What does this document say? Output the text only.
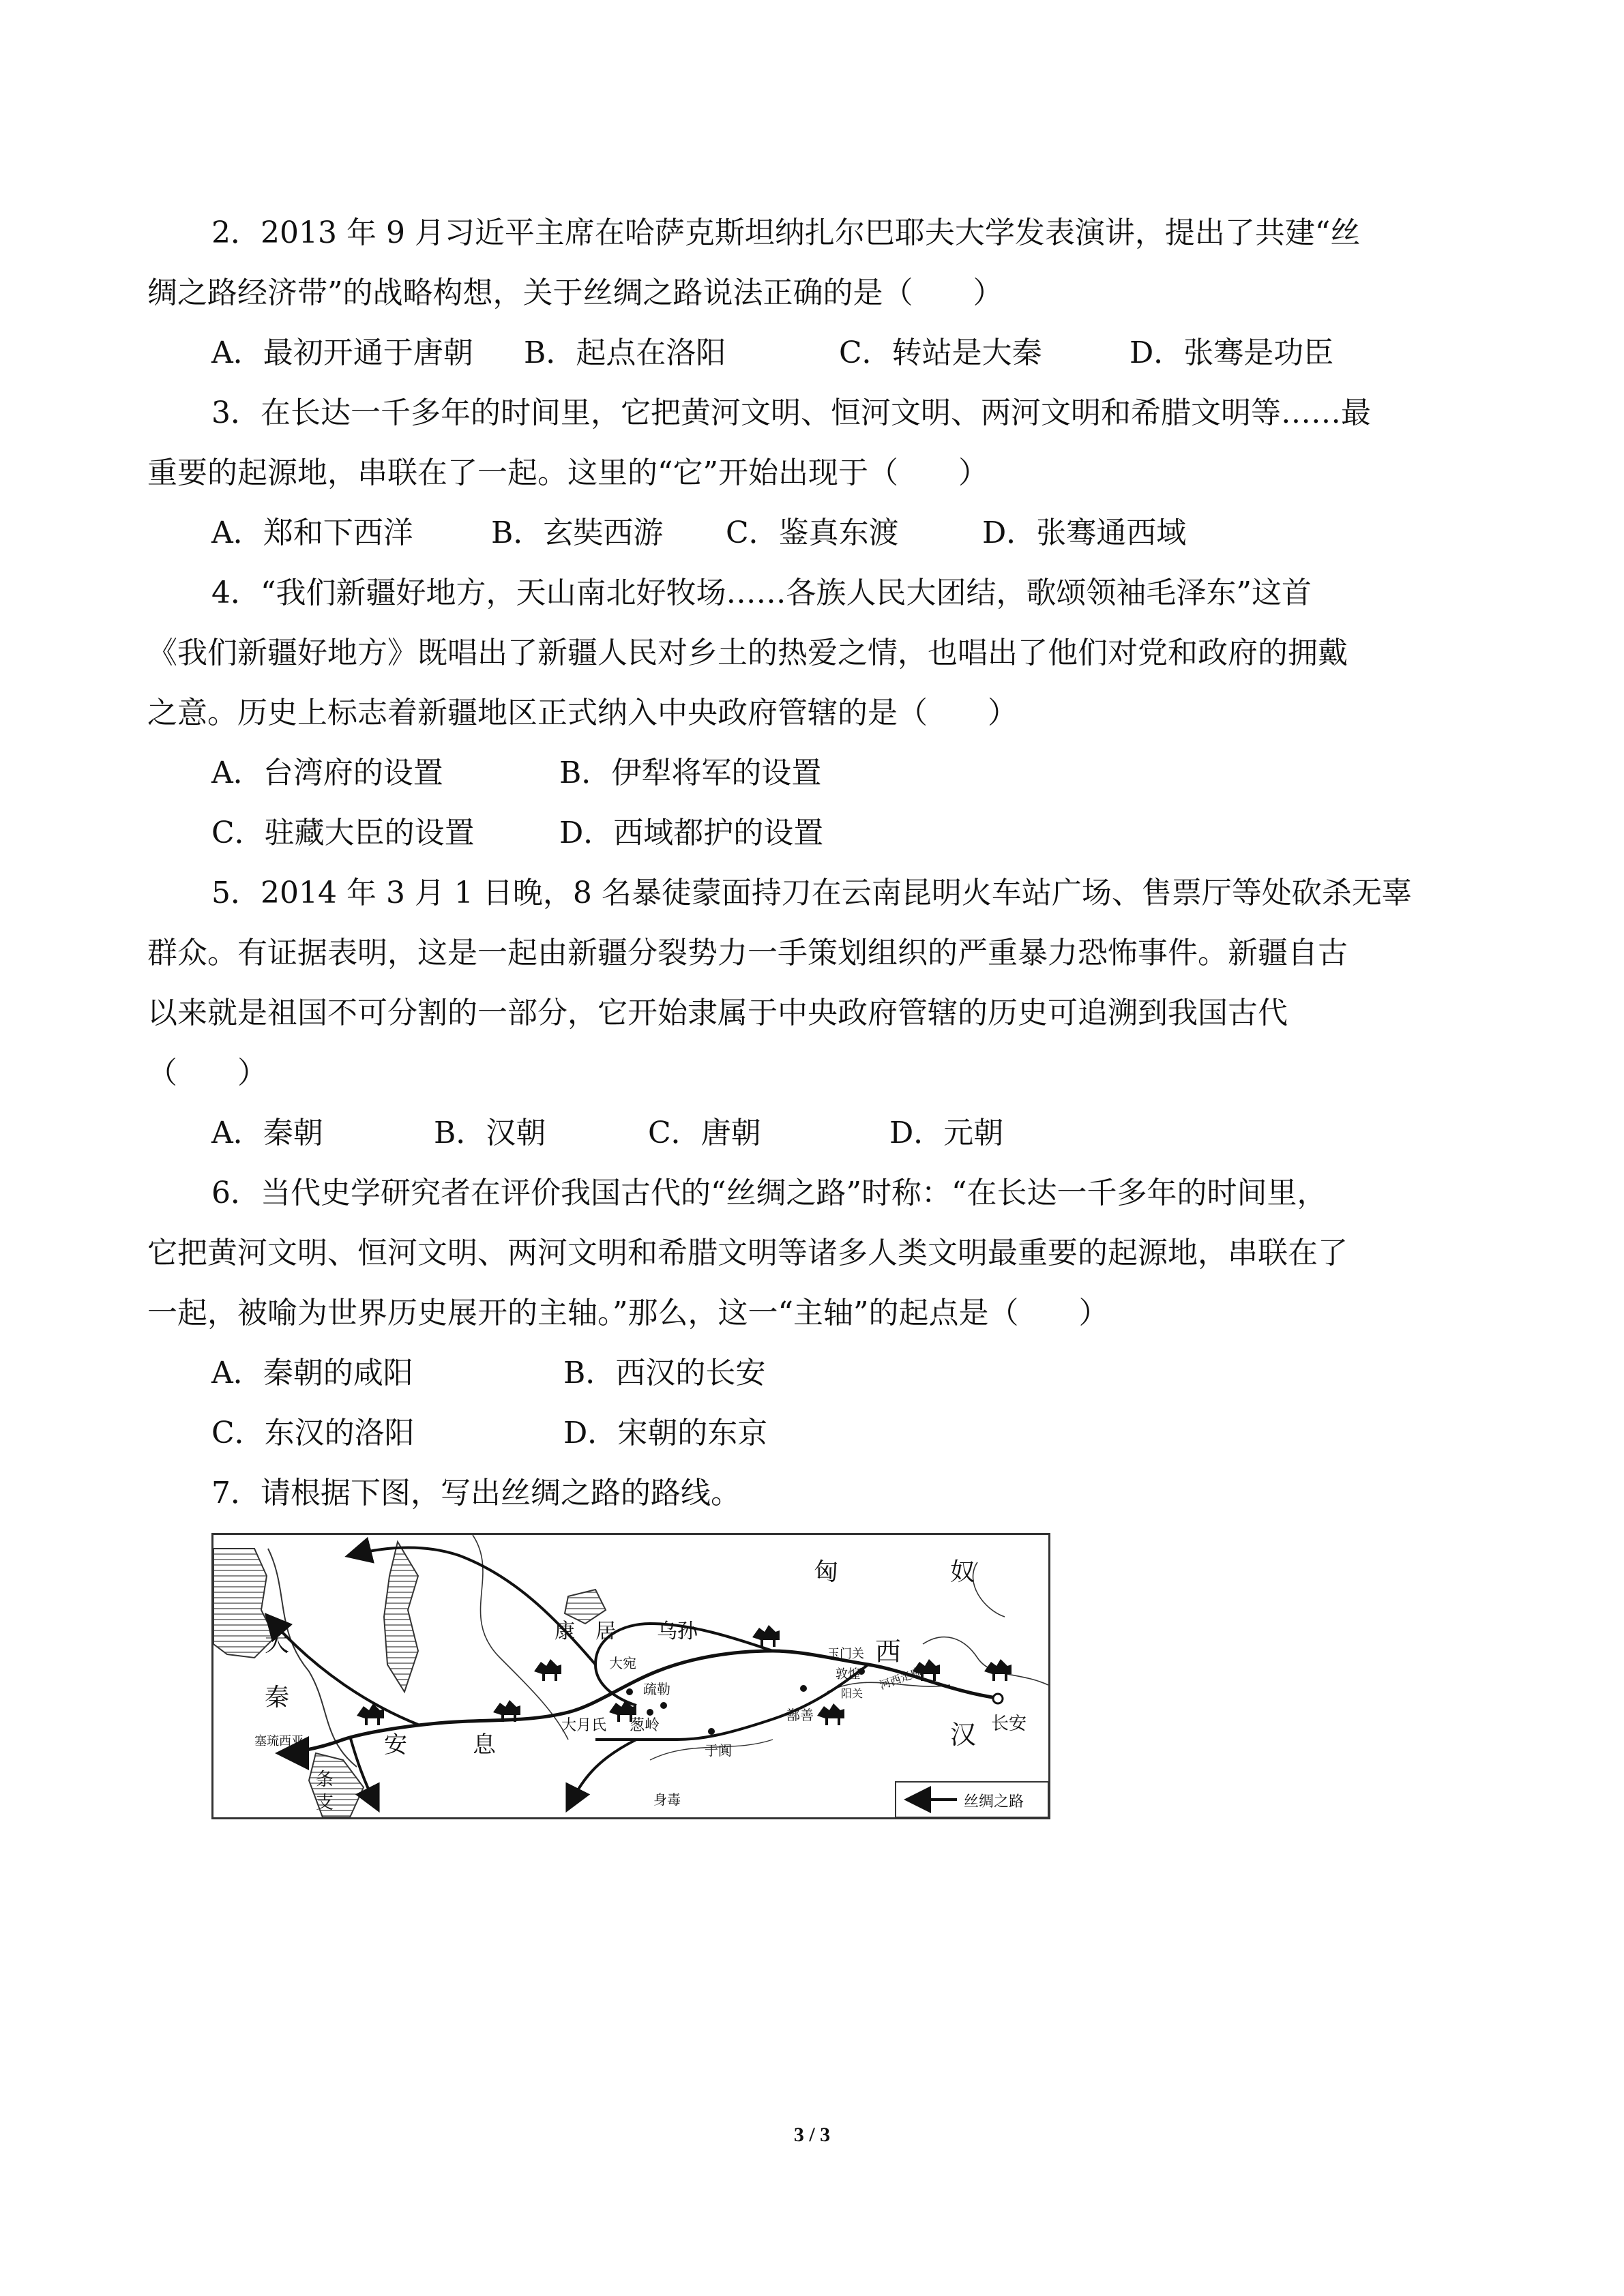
2．2013 年 9 月习近平主席在哈萨克斯坦纳扎尔巴耶夫大学发表演讲，提出了共建“丝
绸之路经济带”的战略构想，关于丝绸之路说法正确的是（　　）
A．最初开通于唐朝 B．起点在洛阳	C．转站是大秦	D．张骞是功臣
3．在长达一千多年的时间里，它把黄河文明、恒河文明、两河文明和希腊文明等……最
重要的起源地，串联在了一起。这里的“它”开始出现于（　　）
A．郑和下西洋	B．玄奘西游 C．鉴真东渡	D．张骞通西域
4．“我们新疆好地方，天山南北好牧场……各族人民大团结，歌颂领袖毛泽东”这首
《我们新疆好地方》既唱出了新疆人民对乡土的热爱之情，也唱出了他们对党和政府的拥戴
之意。历史上标志着新疆地区正式纳入中央政府管辖的是（　　）
A．台湾府的设置	B．伊犁将军的设置
C．驻藏大臣的设置	D．西域都护的设置
5．2014 年 3 月 1 日晚，8 名暴徒蒙面持刀在云南昆明火车站广场、售票厅等处砍杀无辜
群众。有证据表明，这是一起由新疆分裂势力一手策划组织的严重暴力恐怖事件。新疆自古
以来就是祖国不可分割的一部分，它开始隶属于中央政府管辖的历史可追溯到我国古代
（　　）
A．秦朝	B．汉朝	C．唐朝	D．元朝
6．当代史学研究者在评价我国古代的“丝绸之路”时称：“在长达一千多年的时间里，
它把黄河文明、恒河文明、两河文明和希腊文明等诸多人类文明最重要的起源地，串联在了
一起，被喻为世界历史展开的主轴。”那么，这一“主轴”的起点是（　　）
A．秦朝的咸阳	B．西汉的长安
C．东汉的洛阳	D．宋朝的东京
7．请根据下图，写出丝绸之路的路线。
匈	奴
大
秦
康 居 乌孙
大宛
疏勒
大月氏 葱岭
玉门关
敦煌
阳关
河西走廊
鄯善
于阗
西
汉 长安
安	息
塞琉西亚
条
支	身毒	丝绸之路
3 / 3
